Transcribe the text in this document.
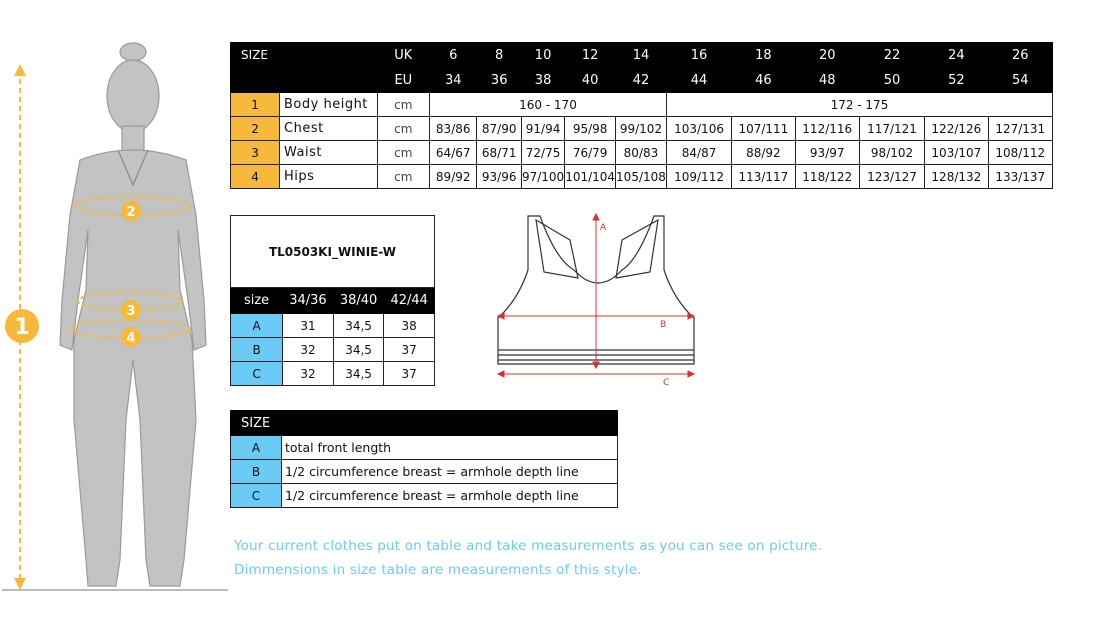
1
2
3
4
SIZE		UK	6	8	10	12	14	16	18	20	22	24	26
		EU	34	36	38	40	42	44	46	48	50	52	54
1	Body height	cm	160 - 170					172 - 175					
2	Chest	cm	83/86	87/90	91/94	95/98	99/102	103/106	107/111	112/116	117/121	122/126	127/131
3	Waist	cm	64/67	68/71	72/75	76/79	80/83	84/87	88/92	93/97	98/102	103/107	108/112
4	Hips	cm	89/92	93/96	97/100	101/104	105/108	109/112	113/117	118/122	123/127	128/132	133/137
TL0503KI_WINIE-W			
size	34/36	38/40	42/44
A	31	34,5	38
B	32	34,5	37
C	32	34,5	37
A
B
C
SIZE	
A	total front length
B	1/2 circumference breast = armhole depth line
C	1/2 circumference breast = armhole depth line
Your current clothes put on table and take measurements as you can see on picture.
Dimmensions in size table are measurements of this style.
